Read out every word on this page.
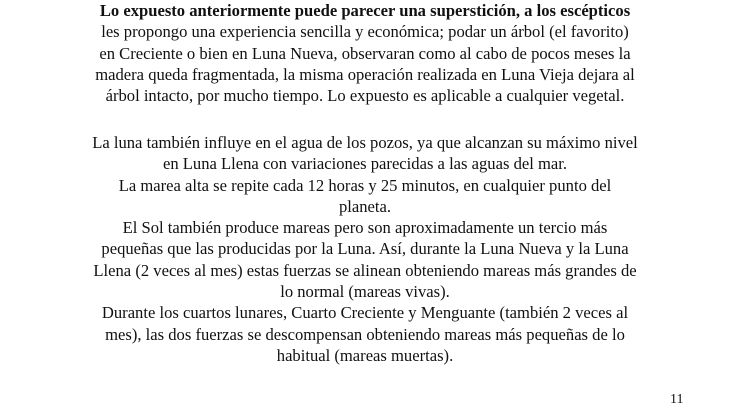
Lo expuesto anteriormente puede parecer una superstición, a los escépticos
les propongo una experiencia sencilla y económica; podar un árbol (el favorito)
en Creciente o bien en Luna Nueva, observaran como al cabo de pocos meses la
madera queda fragmentada, la misma operación realizada en Luna Vieja dejara al
árbol intacto, por mucho tiempo. Lo expuesto es aplicable a cualquier vegetal.

La luna también influye en el agua de los pozos, ya que alcanzan su máximo nivel
en Luna Llena con variaciones parecidas a las aguas del mar.
La marea alta se repite cada 12 horas y 25 minutos, en cualquier punto del
planeta.
El Sol también produce mareas pero son aproximadamente un tercio más
pequeñas que las producidas por la Luna. Así, durante la Luna Nueva y la Luna
Llena (2 veces al mes) estas fuerzas se alinean obteniendo mareas más grandes de
lo normal (mareas vivas).
Durante los cuartos lunares, Cuarto Creciente y Menguante (también 2 veces al
mes), las dos fuerzas se descompensan obteniendo mareas más pequeñas de lo
habitual (mareas muertas).

11
